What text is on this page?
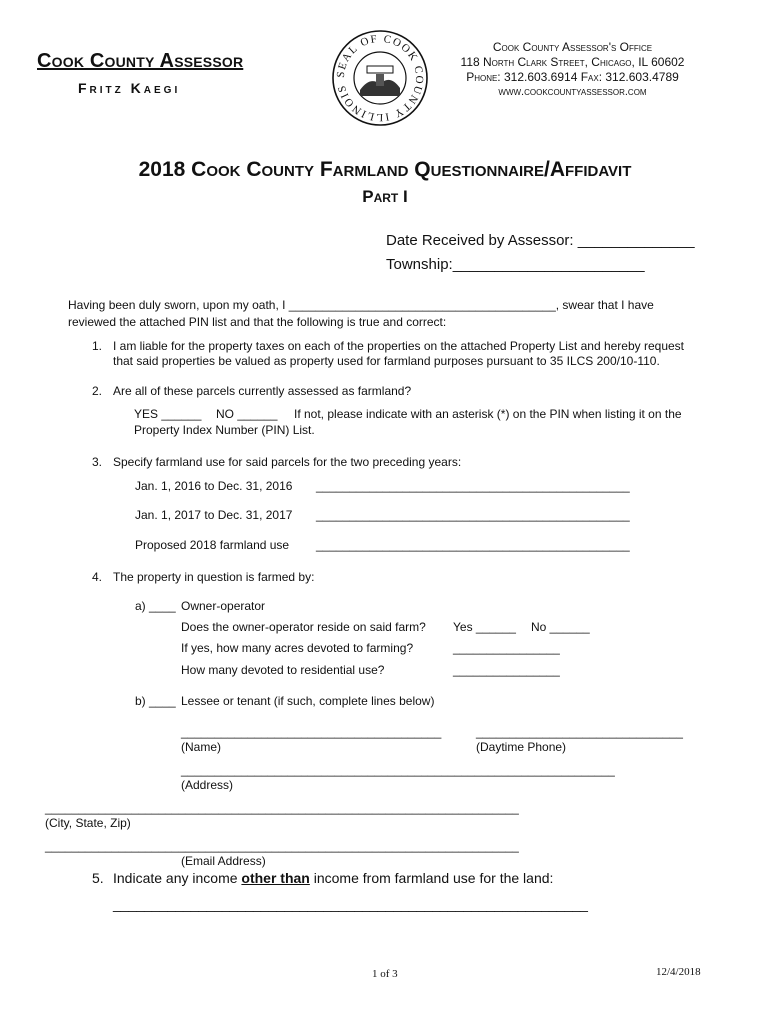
Cook County Assessor
Fritz Kaegi
SEAL OF COOK COUNTY ILLINOIS
Cook County Assessor's Office
118 North Clark Street, Chicago, IL 60602
Phone: 312.603.6914 Fax: 312.603.4789
www.cookcountyassessor.com
2018 Cook County Farmland Questionnaire/Affidavit
Part I
Date Received by Assessor: ______________
Township:_______________________
Having been duly sworn, upon my oath, I ________________________________________, swear that I have
reviewed the attached PIN list and that the following is true and correct:
1. I am liable for the property taxes on each of the properties on the attached Property List and hereby request
that said properties be valued as property used for farmland purposes pursuant to 35 ILCS 200/10-110.
2. Are all of these parcels currently assessed as farmland?
YES ______ NO ______ If not, please indicate with an asterisk (*) on the PIN when listing it on the
Property Index Number (PIN) List.
3. Specify farmland use for said parcels for the two preceding years:
Jan. 1, 2016 to Dec. 31, 2016 _______________________________________________
Jan. 1, 2017 to Dec. 31, 2017 _______________________________________________
Proposed 2018 farmland use _______________________________________________
4. The property in question is farmed by:
a) ____ Owner-operator
Does the owner-operator reside on said farm? Yes ______ No ______
If yes, how many acres devoted to farming?	________________
How many devoted to residential use?	________________
b) ____ Lessee or tenant (if such, complete lines below)
_______________________________________	_______________________________
(Name)	(Daytime Phone)
_________________________________________________________________
(Address)
_______________________________________________________________________
(City, State, Zip)
_______________________________________________________________________
(Email Address)
5. Indicate any income other than income from farmland use for the land:
_____________________________________________________________
1 of 3	12/4/2018
